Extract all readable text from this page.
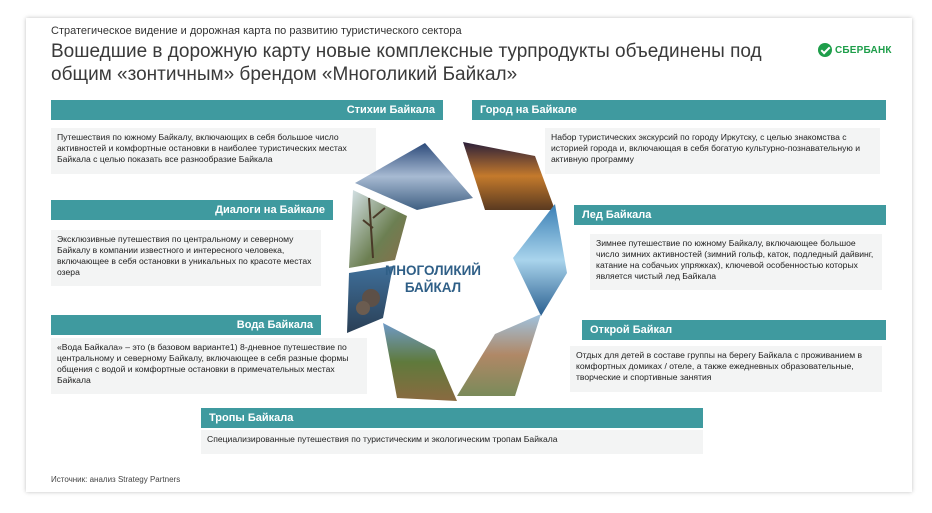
Стратегическое видение и дорожная карта по развитию туристического сектора
Вошедшие в дорожную карту новые комплексные турпродукты объединены под общим «зонтичным» брендом «Многоликий Байкал»
СБЕРБАНК
Стихии Байкала
Путешествия по южному Байкалу, включающих в себя большое число активностей и комфортные остановки в наиболее туристических местах Байкала с целью показать все разнообразие Байкала
Диалоги на Байкале
Эксклюзивные путешествия по центральному и северному Байкалу в компании известного и интересного человека, включающее в себя остановки в уникальных по красоте местах озера
Вода Байкала
«Вода Байкала» – это (в базовом варианте1) 8-дневное путешествие по центральному и северному Байкалу, включающее в себя разные формы общения с водой и комфортные остановки в примечательных местах Байкала
Город на Байкале
Набор туристических экскурсий по городу Иркутску, с целью знакомства с историей города и, включающая в себя богатую культурно-познавательную и активную программу
Лед Байкала
Зимнее путешествие по южному Байкалу, включающее большое число зимних активностей (зимний гольф, каток, подледный дайвинг, катание на собачьих упряжках), ключевой особенностью которых является чистый лед Байкала
Открой Байкал
Отдых для детей в составе группы на берегу Байкала с проживанием в комфортных домиках / отеле, а также ежедневных образовательные, творческие и спортивные занятия
Тропы Байкала
Специализированные путешествия по туристическим и экологическим тропам Байкала
МНОГОЛИКИЙ
БАЙКАЛ
Источник: анализ Strategy Partners
